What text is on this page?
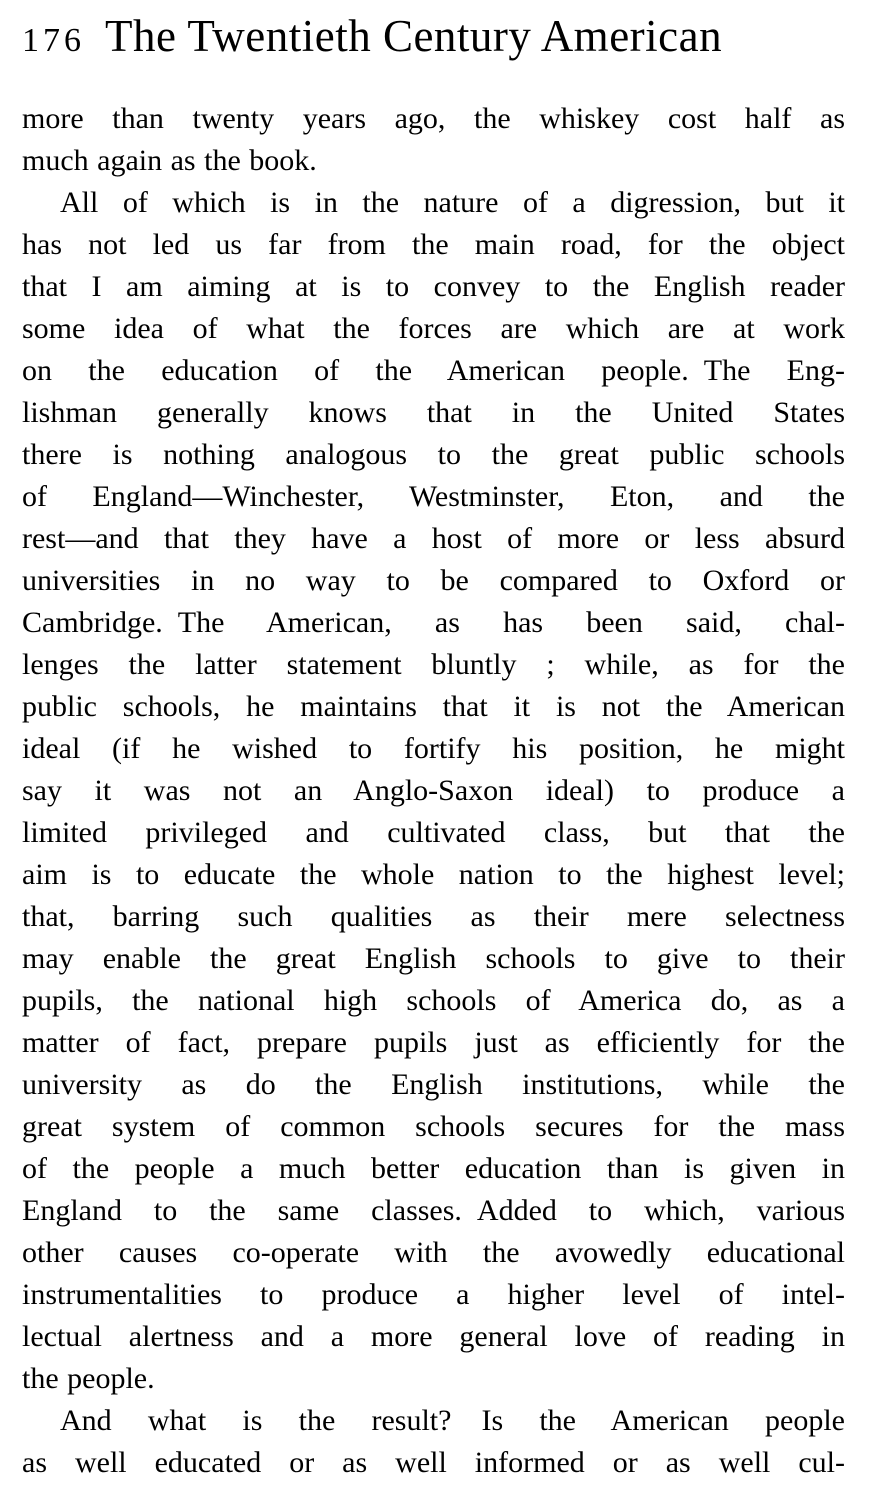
176 The Twentieth Century American
more than twenty years ago, the whiskey cost half as
much again as the book.
All of which is in the nature of a digression, but it
has not led us far from the main road, for the object
that I am aiming at is to convey to the English reader
some idea of what the forces are which are at work
on the education of the American people. The Eng-
lishman generally knows that in the United States
there is nothing analogous to the great public schools
of England—Winchester, Westminster, Eton, and the
rest—and that they have a host of more or less absurd
universities in no way to be compared to Oxford or
Cambridge. The American, as has been said, chal-
lenges the latter statement bluntly ; while, as for the
public schools, he maintains that it is not the American
ideal (if he wished to fortify his position, he might
say it was not an Anglo-Saxon ideal) to produce a
limited privileged and cultivated class, but that the
aim is to educate the whole nation to the highest level;
that, barring such qualities as their mere selectness
may enable the great English schools to give to their
pupils, the national high schools of America do, as a
matter of fact, prepare pupils just as efficiently for the
university as do the English institutions, while the
great system of common schools secures for the mass
of the people a much better education than is given in
England to the same classes. Added to which, various
other causes co-operate with the avowedly educational
instrumentalities to produce a higher level of intel-
lectual alertness and a more general love of reading in
the people.
And what is the result? Is the American people
as well educated or as well informed or as well cul-
